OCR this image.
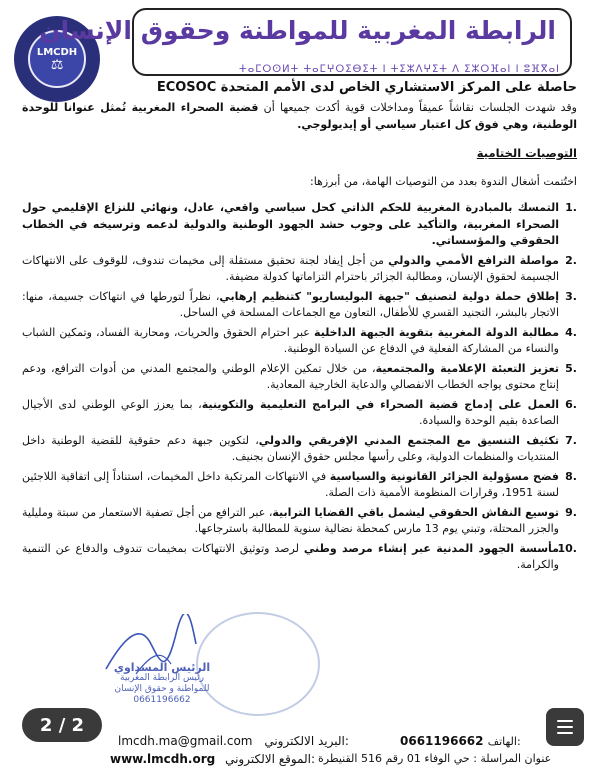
LMCDH
⚖
الرابطة المغربية للمواطنة وحقوق الإنسان
ⵜⴰⵎⵔⵙⵍⵜ ⵜⴰⵎⵖⵔⵉⴱⵉⵜ ⵏ ⵜⵉⵣⴷⵖⵉⵜ ⴷ ⵉⵣⵔⴼⴰⵏ ⵏ ⵓⴼⴳⴰⵏ
حاصلة على المركز الاستشاري الخاص لدى الأمم المتحدة ECOSOC
وقد شهدت الجلسات نقاشاً عميقاً ومداخلات قوية أكدت جميعها أن قضية الصحراء المغربية تُمثل عنوانا للوحدة الوطنية، وهي فوق كل اعتبار سياسي أو إيديولوجي.
التوصيات الختامية
اختُتمت أشغال الندوة بعدد من التوصيات الهامة، من أبرزها:
1.
التمسك بالمبادرة المغربية للحكم الذاتي كحل سياسي واقعي، عادل، ونهائي للنزاع الإقليمي حول الصحراء المغربية، والتأكيد على وجوب حشد الجهود الوطنية والدولية لدعمه وترسيخه في الخطاب الحقوقي والمؤسساتي.
2.
مواصلة الترافع الأممي والدولي من أجل إيفاد لجنة تحقيق مستقلة إلى مخيمات تندوف، للوقوف على الانتهاكات الجسيمة لحقوق الإنسان، ومطالبة الجزائر باحترام التزاماتها كدولة مضيفة.
3.
إطلاق حملة دولية لتصنيف "جبهة البوليساريو" كتنظيم إرهابي، نظراً لتورطها في انتهاكات جسيمة، منها: الاتجار بالبشر، التجنيد القسري للأطفال، التعاون مع الجماعات المسلحة في الساحل.
4.
مطالبة الدولة المغربية بتقوية الجبهة الداخلية عبر احترام الحقوق والحريات، ومحاربة الفساد، وتمكين الشباب والنساء من المشاركة الفعلية في الدفاع عن السيادة الوطنية.
5.
تعزيز التعبئة الإعلامية والمجتمعية، من خلال تمكين الإعلام الوطني والمجتمع المدني من أدوات الترافع، ودعم إنتاج محتوى يواجه الخطاب الانفصالي والدعاية الخارجية المعادية.
6.
العمل على إدماج قضية الصحراء في البرامج التعليمية والتكوينية، بما يعزز الوعي الوطني لدى الأجيال الصاعدة بقيم الوحدة والسيادة.
7.
تكثيف التنسيق مع المجتمع المدني الإفريقي والدولي، لتكوين جبهة دعم حقوقية للقضية الوطنية داخل المنتديات والمنظمات الدولية، وعلى رأسها مجلس حقوق الإنسان بجنيف.
8.
فضح مسؤولية الجزائر القانونية والسياسية في الانتهاكات المرتكبة داخل المخيمات، استناداً إلى اتفاقية اللاجئين لسنة 1951، وقرارات المنظومة الأممية ذات الصلة.
9.
توسيع النقاش الحقوقي ليشمل باقي القضايا الترابية، عبر الترافع من أجل تصفية الاستعمار من سبتة ومليلية والجزر المحتلة، وتبني يوم 13 مارس كمحطة نضالية سنوية للمطالبة باسترجاعها.
10.
مأسسة الجهود المدنية عبر إنشاء مرصد وطني لرصد وتوثيق الانتهاكات بمخيمات تندوف والدفاع عن التنمية والكرامة.
الرئيس المسداوي
رئيس الرابطة المغربية
للمواطنة و حقوق الإنسان
0661196662
2 / 2
lmcdh.ma@gmail.com البريد الالكتروني:	0661196662 الهاتف:
www.lmcdh.org الموقع الالكتروني: عنوان المراسلة : حي الوفاء 01 رقم 516 القنيطرة
